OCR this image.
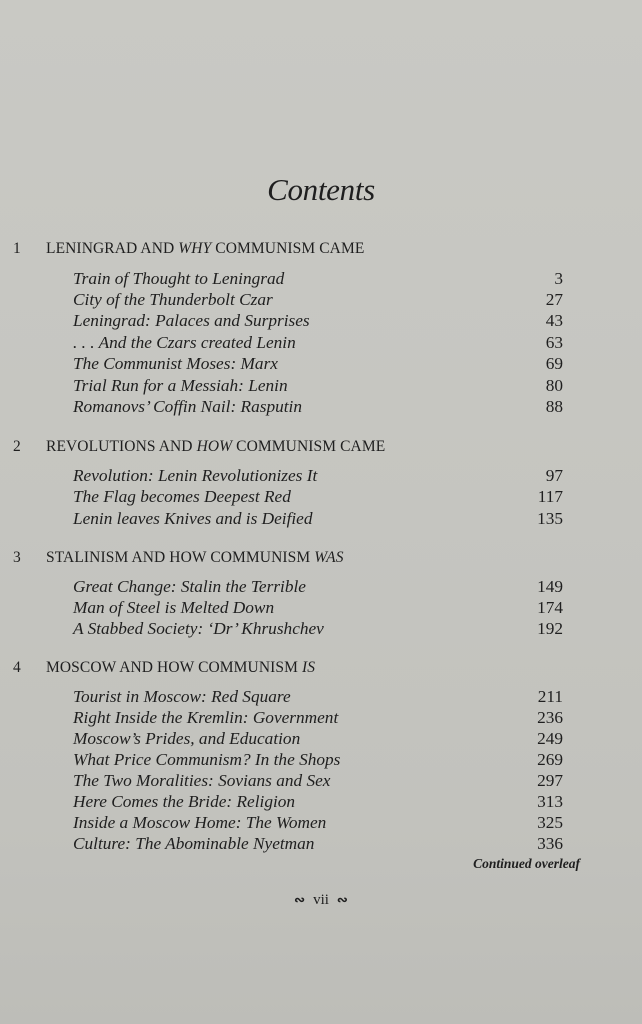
Contents
1 LENINGRAD AND WHY COMMUNISM CAME
Train of Thought to Leningrad	3
City of the Thunderbolt Czar	27
Leningrad: Palaces and Surprises	43
. . . And the Czars created Lenin	63
The Communist Moses: Marx	69
Trial Run for a Messiah: Lenin	80
Romanovs’ Coffin Nail: Rasputin	88
2 REVOLUTIONS AND HOW COMMUNISM CAME
Revolution: Lenin Revolutionizes It	97
The Flag becomes Deepest Red	117
Lenin leaves Knives and is Deified	135
3 STALINISM AND HOW COMMUNISM WAS
Great Change: Stalin the Terrible	149
Man of Steel is Melted Down	174
A Stabbed Society: ‘Dr’ Khrushchev	192
4 MOSCOW AND HOW COMMUNISM IS
Tourist in Moscow: Red Square	211
Right Inside the Kremlin: Government	236
Moscow’s Prides, and Education	249
What Price Communism? In the Shops	269
The Two Moralities: Sovians and Sex	297
Here Comes the Bride: Religion	313
Inside a Moscow Home: The Women	325
Culture: The Abominable Nyetman	336
Continued overleaf
∾ vii ∾
